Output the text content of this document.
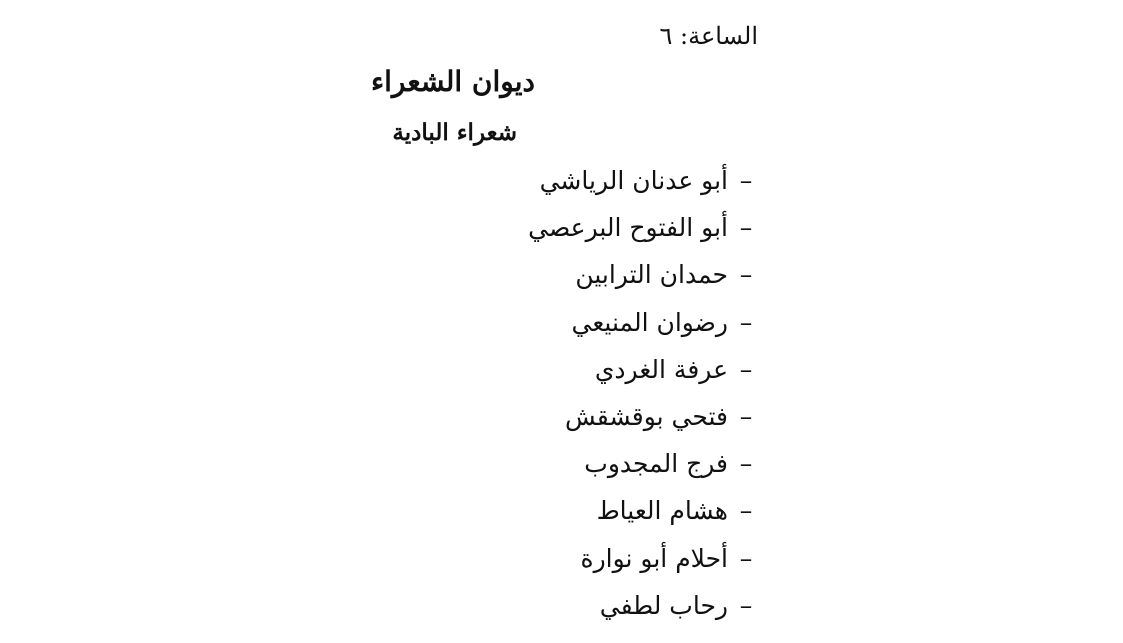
الساعة: ٦
ديوان الشعراء
شعراء البادية
–أبو عدنان الرياشي
–أبو الفتوح البرعصي
–حمدان الترابين
–رضوان المنيعي
–عرفة الغردي
–فتحي بوقشقش
–فرج المجدوب
–هشام العياط
–أحلام أبو نوارة
–رحاب لطفي
